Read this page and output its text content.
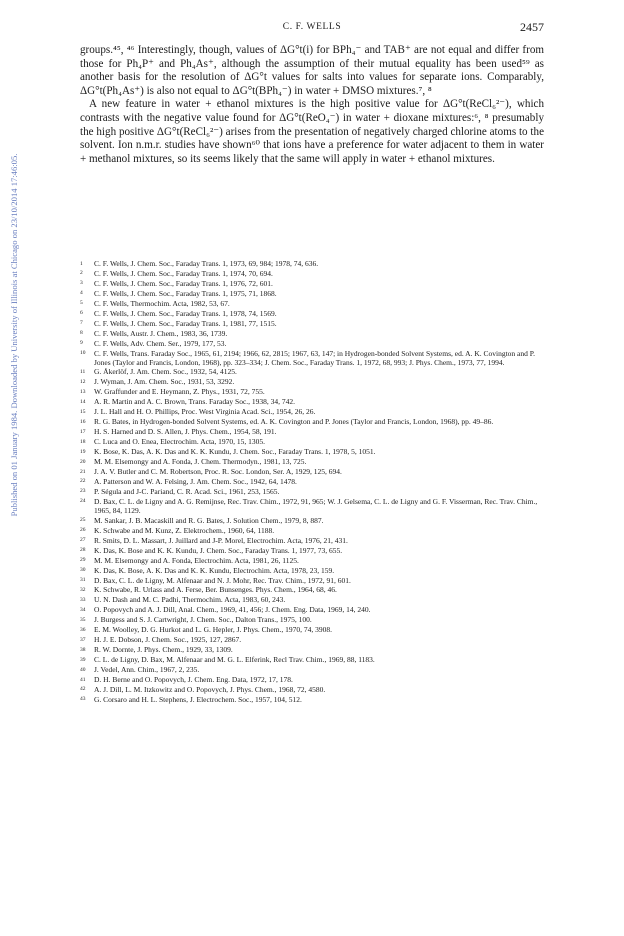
C. F. WELLS	2457
Published on 01 January 1984. Downloaded by University of Illinois at Chicago on 23/10/2014 17:46:05.

groups.⁴⁵, ⁴⁶ Interestingly, though, values of ΔG°t(i) for BPh₄⁻ and TAB⁺ are not equal and differ from those for Ph₄P⁺ and Ph₄As⁺, although the assumption of their mutual equality has been used⁵⁹ as another basis for the resolution of ΔG°t values for salts into values for separate ions. Comparably, ΔG°t(Ph₄As⁺) is also not equal to ΔG°t(BPh₄⁻) in water + DMSO mixtures.⁷, ⁸

A new feature in water + ethanol mixtures is the high positive value for ΔG°t(ReCl₆²⁻), which contrasts with the negative value found for ΔG°t(ReO₄⁻) in water + dioxane mixtures:⁶, ⁸ presumably the high positive ΔG°t(ReCl₆²⁻) arises from the presentation of negatively charged chlorine atoms to the solvent. Ion n.m.r. studies have shown⁶⁰ that ions have a preference for water adjacent to them in water + methanol mixtures, so its seems likely that the same will apply in water + ethanol mixtures.

1	C. F. Wells, J. Chem. Soc., Faraday Trans. 1, 1973, 69, 984; 1978, 74, 636.
2	C. F. Wells, J. Chem. Soc., Faraday Trans. 1, 1974, 70, 694.
3	C. F. Wells, J. Chem. Soc., Faraday Trans. 1, 1976, 72, 601.
4	C. F. Wells, J. Chem. Soc., Faraday Trans. 1, 1975, 71, 1868.
5	C. F. Wells, Thermochim. Acta, 1982, 53, 67.
6	C. F. Wells, J. Chem. Soc., Faraday Trans. 1, 1978, 74, 1569.
7	C. F. Wells, J. Chem. Soc., Faraday Trans. 1, 1981, 77, 1515.
8	C. F. Wells, Austr. J. Chem., 1983, 36, 1739.
9	C. F. Wells, Adv. Chem. Ser., 1979, 177, 53.
10	C. F. Wells, Trans. Faraday Soc., 1965, 61, 2194; 1966, 62, 2815; 1967, 63, 147; in Hydrogen-bonded Solvent Systems, ed. A. K. Covington and P. Jones (Taylor and Francis, London, 1968), pp. 323–334; J. Chem. Soc., Faraday Trans. 1, 1972, 68, 993; J. Phys. Chem., 1973, 77, 1994.
11	G. Åkerlöf, J. Am. Chem. Soc., 1932, 54, 4125.
12	J. Wyman, J. Am. Chem. Soc., 1931, 53, 3292.
13	W. Graffunder and E. Heymann, Z. Phys., 1931, 72, 755.
14	A. R. Martin and A. C. Brown, Trans. Faraday Soc., 1938, 34, 742.
15	J. L. Hall and H. O. Phillips, Proc. West Virginia Acad. Sci., 1954, 26, 26.
16	R. G. Bates, in Hydrogen-bonded Solvent Systems, ed. A. K. Covington and P. Jones (Taylor and Francis, London, 1968), pp. 49–86.
17	H. S. Harned and D. S. Allen, J. Phys. Chem., 1954, 58, 191.
18	C. Luca and O. Enea, Electrochim. Acta, 1970, 15, 1305.
19	K. Bose, K. Das, A. K. Das and K. K. Kundu, J. Chem. Soc., Faraday Trans. 1, 1978, 5, 1051.
20	M. M. Elsemongy and A. Fonda, J. Chem. Thermodyn., 1981, 13, 725.
21	J. A. V. Butler and C. M. Robertson, Proc. R. Soc. London, Ser. A, 1929, 125, 694.
22	A. Patterson and W. A. Felsing, J. Am. Chem. Soc., 1942, 64, 1478.
23	P. Ségula and J-C. Pariand, C. R. Acad. Sci., 1961, 253, 1565.
24	D. Bax, C. L. de Ligny and A. G. Remijnse, Rec. Trav. Chim., 1972, 91, 965; W. J. Gelsema, C. L. de Ligny and G. F. Visserman, Rec. Trav. Chim., 1965, 84, 1129.
25	M. Sankar, J. B. Macaskill and R. G. Bates, J. Solution Chem., 1979, 8, 887.
26	K. Schwabe and M. Kunz, Z. Elektrochem., 1960, 64, 1188.
27	R. Smits, D. L. Massart, J. Juillard and J-P. Morel, Electrochim. Acta, 1976, 21, 431.
28	K. Das, K. Bose and K. K. Kundu, J. Chem. Soc., Faraday Trans. 1, 1977, 73, 655.
29	M. M. Elsemongy and A. Fonda, Electrochim. Acta, 1981, 26, 1125.
30	K. Das, K. Bose, A. K. Das and K. K. Kundu, Electrochim. Acta, 1978, 23, 159.
31	D. Bax, C. L. de Ligny, M. Alfenaar and N. J. Mohr, Rec. Trav. Chim., 1972, 91, 601.
32	K. Schwabe, R. Urlass and A. Ferse, Ber. Bunsenges. Phys. Chem., 1964, 68, 46.
33	U. N. Dash and M. C. Padhi, Thermochim. Acta, 1983, 60, 243.
34	O. Popovych and A. J. Dill, Anal. Chem., 1969, 41, 456; J. Chem. Eng. Data, 1969, 14, 240.
35	J. Burgess and S. J. Cartwright, J. Chem. Soc., Dalton Trans., 1975, 100.
36	E. M. Woolley, D. G. Hurkot and L. G. Hepler, J. Phys. Chem., 1970, 74, 3908.
37	H. J. E. Dobson, J. Chem. Soc., 1925, 127, 2867.
38	R. W. Dornte, J. Phys. Chem., 1929, 33, 1309.
39	C. L. de Ligny, D. Bax, M. Alfenaar and M. G. L. Elferink, Recl Trav. Chim., 1969, 88, 1183.
40	J. Vedel, Ann. Chim., 1967, 2, 235.
41	D. H. Berne and O. Popovych, J. Chem. Eng. Data, 1972, 17, 178.
42	A. J. Dill, L. M. Itzkowitz and O. Popovych, J. Phys. Chem., 1968, 72, 4580.
43	G. Corsaro and H. L. Stephens, J. Electrochem. Soc., 1957, 104, 512.
